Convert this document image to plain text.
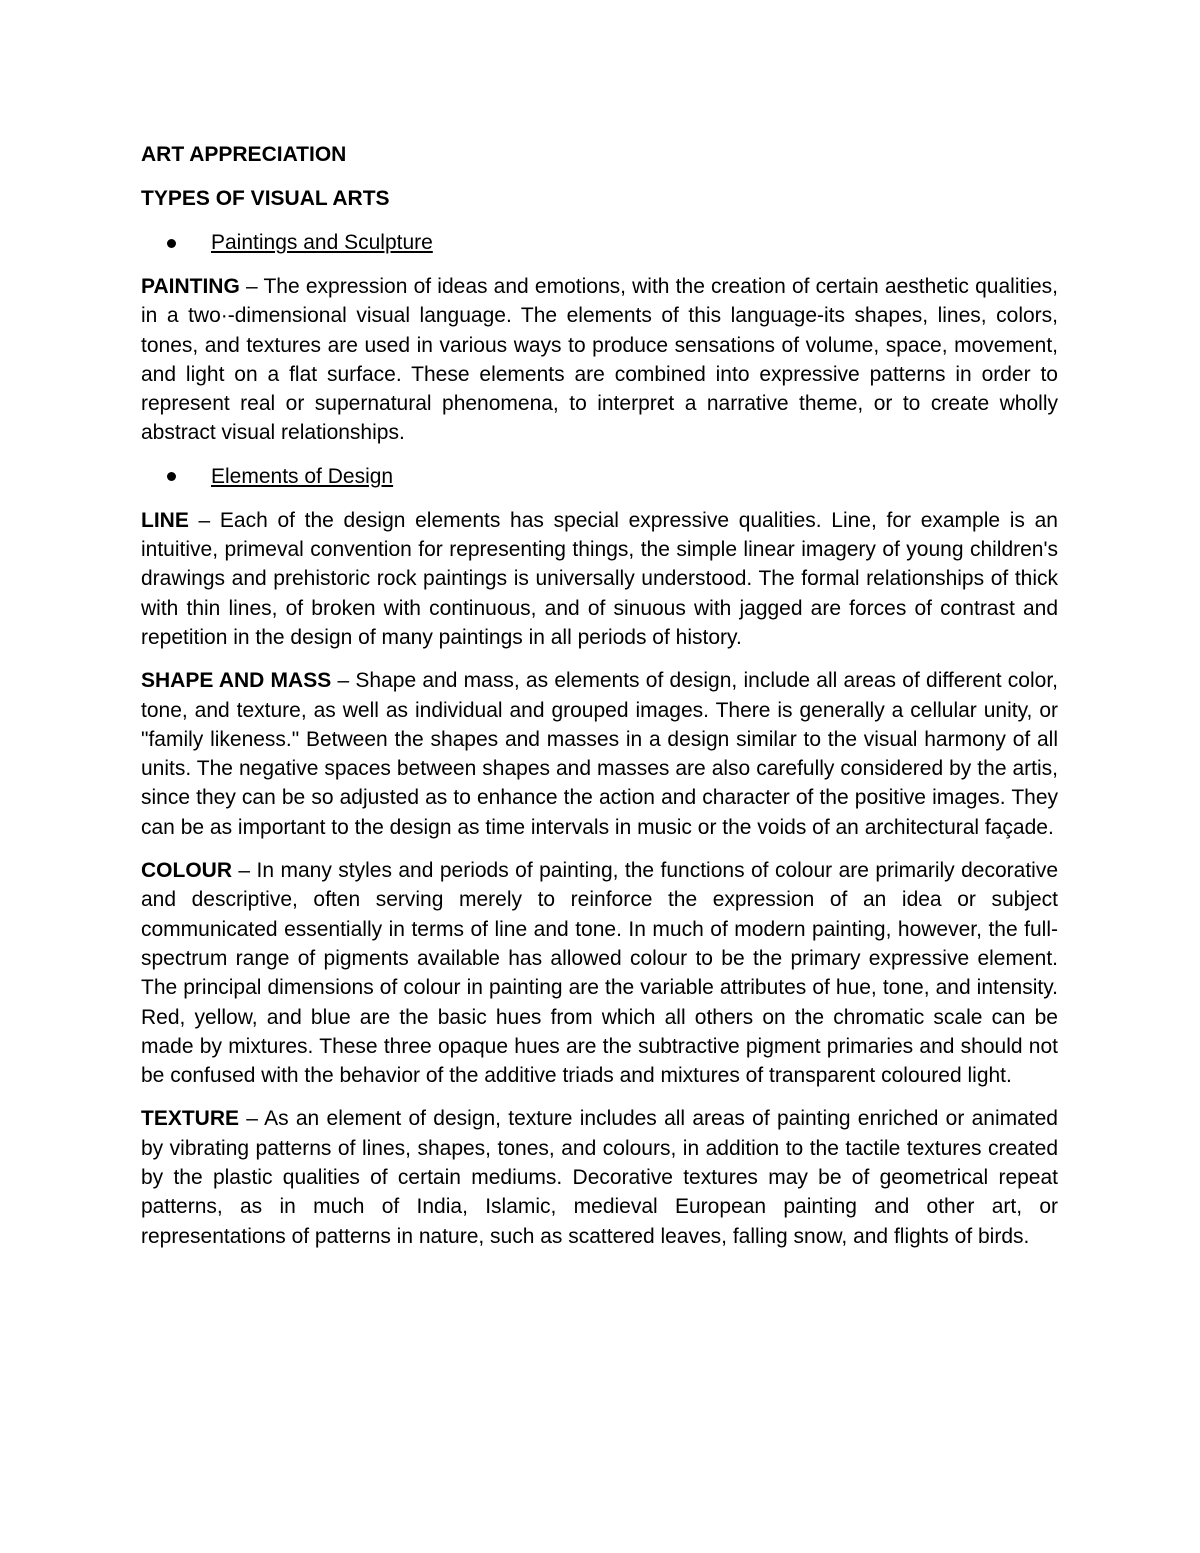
ART APPRECIATION
TYPES OF VISUAL ARTS
Paintings and Sculpture

PAINTING – The expression of ideas and emotions, with the creation of certain aesthetic qualities, in a two·-dimensional visual language. The elements of this language-its shapes, lines, colors, tones, and textures are used in various ways to produce sensations of volume, space, movement, and light on a flat surface. These elements are combined into expressive patterns in order to represent real or supernatural phenomena, to interpret a narrative theme, or to create wholly abstract visual relationships.

Elements of Design

LINE – Each of the design elements has special expressive qualities. Line, for example is an intuitive, primeval convention for representing things, the simple linear imagery of young children's drawings and prehistoric rock paintings is universally understood. The formal relationships of thick with thin lines, of broken with continuous, and of sinuous with jagged are forces of contrast and repetition in the design of many paintings in all periods of history.

SHAPE AND MASS – Shape and mass, as elements of design, include all areas of different color, tone, and texture, as well as individual and grouped images. There is generally a cellular unity, or "family likeness." Between the shapes and masses in a design similar to the visual harmony of all units. The negative spaces between shapes and masses are also carefully considered by the artis, since they can be so adjusted as to enhance the action and character of the positive images. They can be as important to the design as time intervals in music or the voids of an architectural façade.

COLOUR – In many styles and periods of painting, the functions of colour are primarily decorative and descriptive, often serving merely to reinforce the expression of an idea or subject communicated essentially in terms of line and tone. In much of modern painting, however, the full-spectrum range of pigments available has allowed colour to be the primary expressive element. The principal dimensions of colour in painting are the variable attributes of hue, tone, and intensity. Red, yellow, and blue are the basic hues from which all others on the chromatic scale can be made by mixtures. These three opaque hues are the subtractive pigment primaries and should not be confused with the behavior of the additive triads and mixtures of transparent coloured light.

TEXTURE – As an element of design, texture includes all areas of painting enriched or animated by vibrating patterns of lines, shapes, tones, and colours, in addition to the tactile textures created by the plastic qualities of certain mediums. Decorative textures may be of geometrical repeat patterns, as in much of India, Islamic, medieval European painting and other art, or representations of patterns in nature, such as scattered leaves, falling snow, and flights of birds.
